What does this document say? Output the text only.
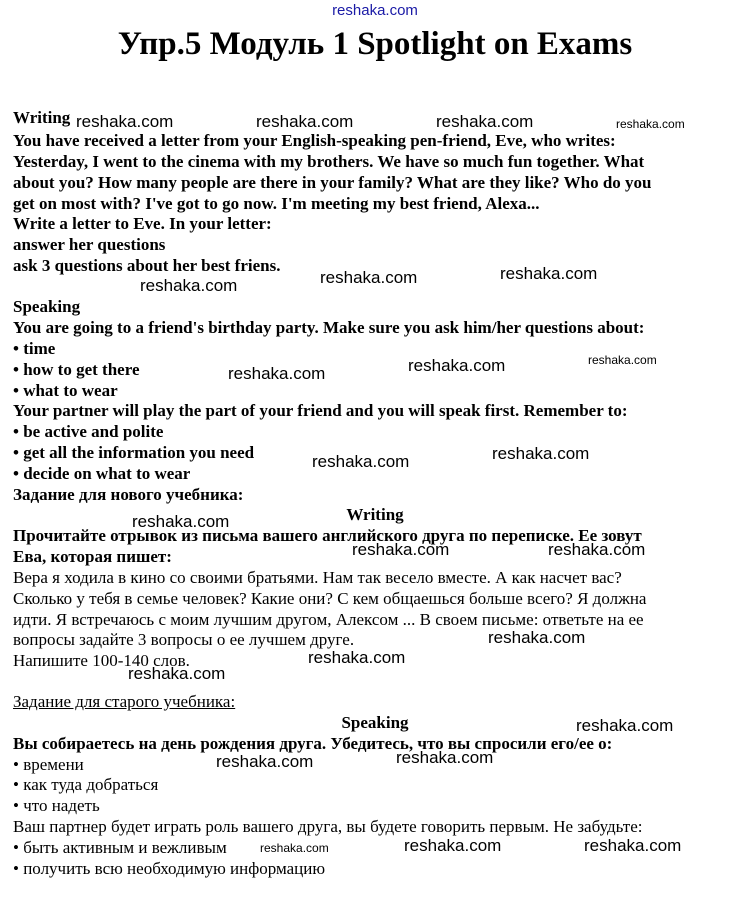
reshaka.com
Упр.5 Модуль 1 Spotlight on Exams
Writing
You have received a letter from your English-speaking pen-friend, Eve, who writes:
Yesterday, I went to the cinema with my brothers. We have so much fun together. What
about you? How many people are there in your family? What are they like? Who do you
get on most with? I've got to go now. I'm meeting my best friend, Alexa...
Write a letter to Eve. In your letter:
answer her questions
ask 3 questions about her best friens.
Speaking
You are going to a friend's birthday party. Make sure you ask him/her questions about:
• time
• how to get there
• what to wear
Your partner will play the part of your friend and you will speak first. Remember to:
• be active and polite
• get all the information you need
• decide on what to wear
Задание для нового учебника:
Writing
Прочитайте отрывок из письма вашего английского друга по переписке. Ее зовут
Ева, которая пишет:
Вера я ходила в кино со своими братьями. Нам так весело вместе. А как насчет вас?
Сколько у тебя в семье человек? Какие они? С кем общаешься больше всего? Я должна
идти. Я встречаюсь с моим лучшим другом, Алексом ... В своем письме: ответьте на ее
вопросы задайте 3 вопросы о ее лучшем друге.
Напишите 100-140 слов.
Задание для старого учебника:
Speaking
Вы собираетесь на день рождения друга. Убедитесь, что вы спросили его/ее о:
• времени
• как туда добраться
• что надеть
Ваш партнер будет играть роль вашего друга, вы будете говорить первым. Не забудьте:
• быть активным и вежливым
• получить всю необходимую информацию
reshaka.com	reshaka.com	reshaka.com	reshaka.com
reshaka.com	reshaka.com
reshaka.com
reshaka.com	reshaka.com
reshaka.com
reshaka.com
reshaka.com
reshaka.com
reshaka.com	reshaka.com
reshaka.com
reshaka.com
reshaka.com
reshaka.com
reshaka.com
reshaka.com
reshaka.com	reshaka.com	reshaka.com
